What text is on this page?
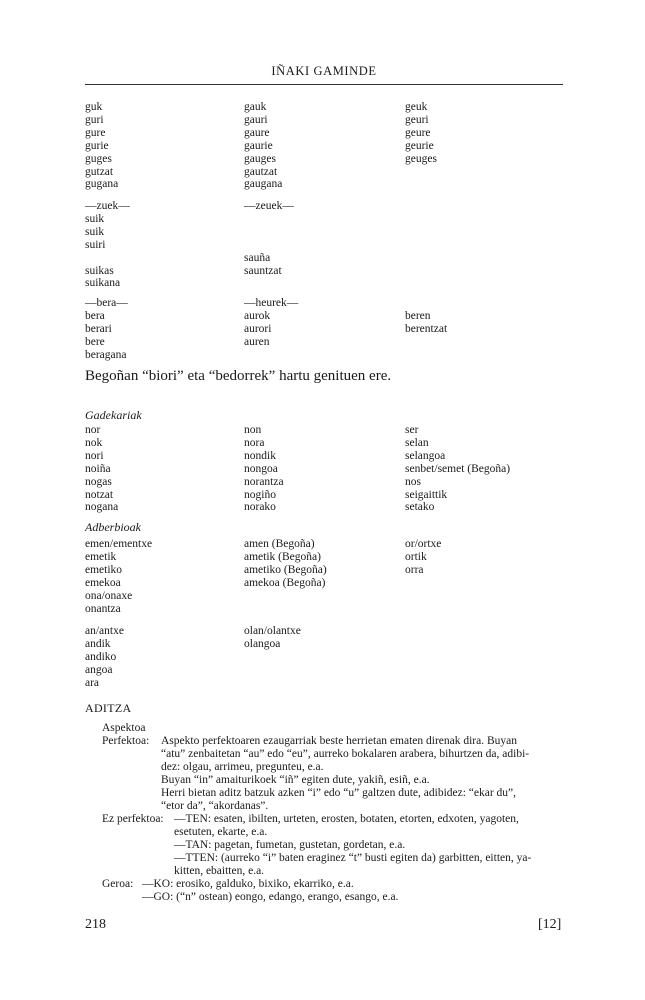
IÑAKI GAMINDE
guk
guri
gure
gurie
guges
gutzat
gugana
gauk
gauri
gaure
gaurie
gauges
gautzat
gaugana
geuk
geuri
geure
geurie
geuges
—zuek—
suik
suik
suiri
suikas
suikana
—zeuek—
sauña
sauntzat
—bera—
bera
berari
bere
beragana
—heurek—
aurok
aurori
auren
beren
berentzat
Begoñan “biori” eta “bedorrek” hartu genituen ere.
Gadekariak
nor
nok
nori
noiña
nogas
notzat
nogana
non
nora
nondik
nongoa
norantza
nogiño
norako
ser
selan
selangoa
senbet/semet (Begoña)
nos
seigaittik
setako
Adberbioak
emen/ementxe
emetik
emetiko
emekoa
ona/onaxe
onantza
amen (Begoña)
ametik (Begoña)
ametiko (Begoña)
amekoa (Begoña)
or/ortxe
ortik
orra
an/antxe
andik
andiko
angoa
ara
olan/olantxe
olangoa
ADITZA
Aspektoa
Perfektoa: Aspekto perfektoaren ezaugarriak beste herrietan ematen direnak dira. Buyan
“atu” zenbaitetan “au” edo “eu”, aurreko bokalaren arabera, bihurtzen da, adibi-
dez: olgau, arrimeu, pregunteu, e.a.
Buyan “in” amaiturikoek “iñ” egiten dute, yakiñ, esiñ, e.a.
Herri bietan aditz batzuk azken “i” edo “u” galtzen dute, adibidez: “ekar du”,
“etor da”, “akordanas”.
Ez perfektoa: —TEN: esaten, ibilten, urteten, erosten, botaten, etorten, edxoten, yagoten,
esetuten, ekarte, e.a.
—TAN: pagetan, fumetan, gustetan, gordetan, e.a.
—TTEN: (aurreko “i” baten eraginez “t” busti egiten da) garbitten, eitten, ya-
kitten, ebaitten, e.a.
Geroa: —KO: erosiko, galduko, bixiko, ekarriko, e.a.
—GO: (“n” ostean) eongo, edango, erango, esango, e.a.
218	[12]
